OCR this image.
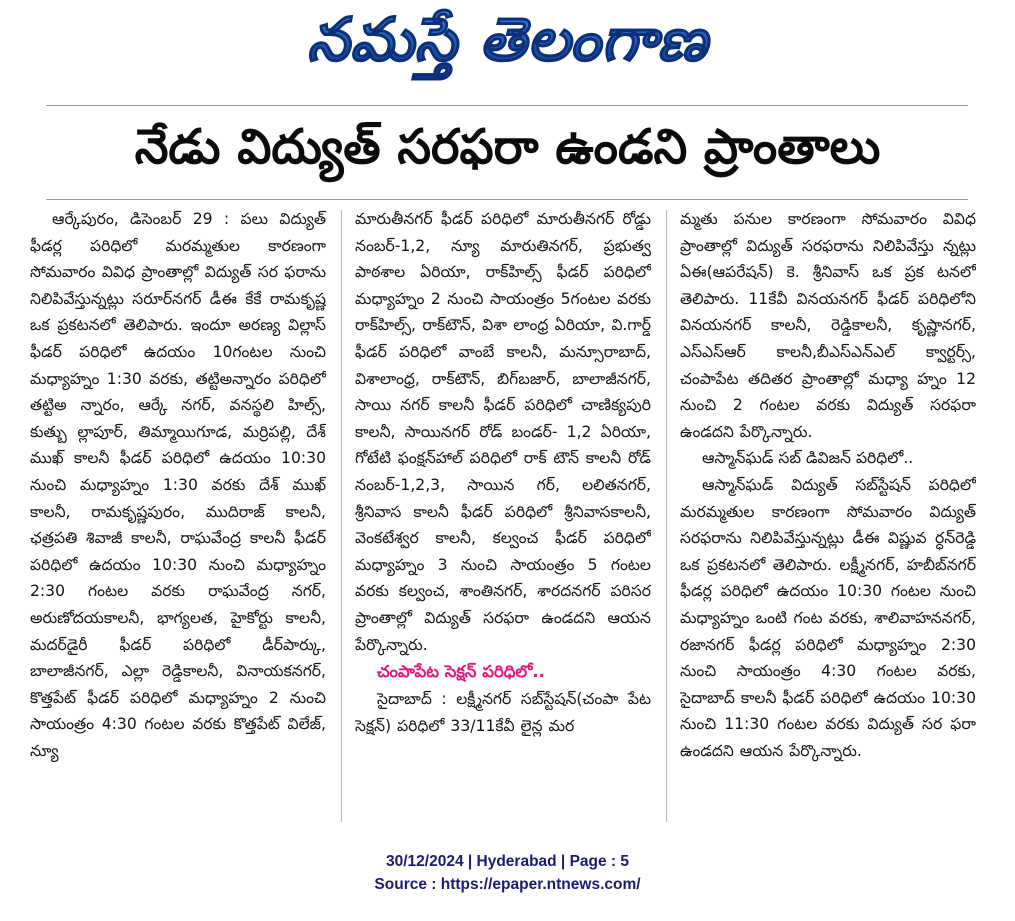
నమస్తే తెలంగాణ
నేడు విద్యుత్ సరఫరా ఉండని ప్రాంతాలు

ఆర్కేపురం, డిసెంబర్ 29 : పలు విద్యుత్ ఫీడర్ల పరిధిలో మరమ్మతుల కారణంగా సోమవారం వివిధ ప్రాంతాల్లో విద్యుత్ సర ఫరాను నిలిపివేస్తున్నట్లు సరూర్‌నగర్ డీఈ కేకే రామకృష్ణ ఒక ప్రకటనలో తెలిపారు. ఇందూ అరణ్య విల్లాస్ ఫీడర్ పరిధిలో ఉదయం 10గంటల నుంచి మధ్యాహ్నం 1:30 వరకు, తట్టిఅన్నారం పరిధిలో తట్టిఅ న్నారం, ఆర్కే నగర్, వనస్థలి హిల్స్, కుత్బు ల్లాపూర్, తిమ్మాయిగూడ, మర్రిపల్లి, దేశ్ ముఖ్ కాలనీ ఫీడర్ పరిధిలో ఉదయం 10:30 నుంచి మధ్యాహ్నం 1:30 వరకు దేశ్ ముఖ్ కాలనీ, రామకృష్ణపురం, ముదిరాజ్ కాలనీ, ఛత్రపతి శివాజీ కాలనీ, రాఘవేంద్ర కాలనీ ఫీడర్ పరిధిలో ఉదయం 10:30 నుంచి మధ్యాహ్నం 2:30 గంటల వరకు రాఘవేంద్ర నగర్, అరుణోదయకాలనీ, భాగ్యలత, హైకోర్టు కాలనీ, మదర్‌డైరీ ఫీడర్ పరిధిలో డీర్‌పార్కు, బాలాజీనగర్, ఎల్లా రెడ్డికాలనీ, వినాయకనగర్, కొత్తపేట్ ఫీడర్ పరిధిలో మధ్యాహ్నం 2 నుంచి సాయంత్రం 4:30 గంటల వరకు కొత్తపేట్ విలేజ్, న్యూ

మారుతీనగర్ ఫీడర్ పరిధిలో మారుతీనగర్ రోడ్డు నంబర్-1,2, న్యూ మారుతినగర్, ప్రభుత్వ పాఠశాల ఏరియా, రాక్‌హిల్స్ ఫీడర్ పరిధిలో మధ్యాహ్నం 2 నుంచి సాయంత్రం 5గంటల వరకు రాక్‌హిల్స్, రాక్‌టౌన్, విశా లాంధ్ర ఏరియా, వి.గార్డ్ ఫీడర్ పరిధిలో వాంబే కాలనీ, మన్సూరాబాద్, విశాలాంధ్ర, రాక్‌టౌన్, బిగ్‌బజార్, బాలాజీనగర్, సాయి నగర్ కాలనీ ఫీడర్ పరిధిలో చాణిక్యపురి కాలనీ, సాయినగర్ రోడ్ బండర్- 1,2 ఏరియా, గోటేటి ఫంక్షన్‌హాల్ పరిధిలో రాక్ టౌన్ కాలనీ రోడ్ నంబర్-1,2,3, సాయిన గర్, లలితనగర్, శ్రీనివాస కాలనీ ఫీడర్ పరిధిలో శ్రీనివాసకాలనీ, వెంకటేశ్వర కాలనీ, కల్వంచ ఫీడర్ పరిధిలో మధ్యాహ్నం 3 నుంచి సాయంత్రం 5 గంటల వరకు కల్వంచ, శాంతినగర్, శారదనగర్ పరిసర ప్రాంతాల్లో విద్యుత్ సరఫరా ఉండదని ఆయన పేర్కొన్నారు.

చంపాపేట సెక్షన్ పరిధిలో..

సైదాబాద్ : లక్ష్మీనగర్ సబ్‌స్టేషన్(చంపా పేట సెక్షన్) పరిధిలో 33/11కేవీ లైన్ల మర

మ్మతు పనుల కారణంగా సోమవారం వివిధ ప్రాంతాల్లో విద్యుత్ సరఫరాను నిలిపివేస్తు న్నట్లు ఏఈ(ఆపరేషన్) కె. శ్రీనివాస్ ఒక ప్రక టనలో తెలిపారు. 11కేవీ వినయనగర్ ఫీడర్ పరిధిలోని వినయనగర్ కాలనీ, రెడ్డికాలనీ, కృష్ణానగర్, ఎస్ఎస్ఆర్ కాలనీ,బీఎస్ఎన్ఎల్ క్వార్టర్స్, చంపాపేట తదితర ప్రాంతాల్లో మధ్యా హ్నం 12 నుంచి 2 గంటల వరకు విద్యుత్ సరఫరా ఉండదని పేర్కొన్నారు.

ఆస్మాన్‌ఘడ్ సబ్ డివిజన్ పరిధిలో..

ఆస్మాన్‌ఘడ్ విద్యుత్ సబ్‌స్టేషన్ పరిధిలో మరమ్మతుల కారణంగా సోమవారం విద్యుత్ సరఫరాను నిలిపివేస్తున్నట్లు డీఈ విష్ణువ ర్ధన్‌రెడ్డి ఒక ప్రకటనలో తెలిపారు. లక్ష్మీనగర్, హబీబ్‌నగర్ ఫీడర్ల పరిధిలో ఉదయం 10:30 గంటల నుంచి మధ్యాహ్నం ఒంటి గంట వరకు, శాలివాహననగర్, రజానగర్ ఫీడర్ల పరిధిలో మధ్యాహ్నం 2:30 నుంచి సాయంత్రం 4:30 గంటల వరకు, సైదాబాద్ కాలనీ ఫీడర్ పరిధిలో ఉదయం 10:30 నుంచి 11:30 గంటల వరకు విద్యుత్ సర ఫరా ఉండదని ఆయన పేర్కొన్నారు.

30/12/2024 | Hyderabad | Page : 5
Source : https://epaper.ntnews.com/
